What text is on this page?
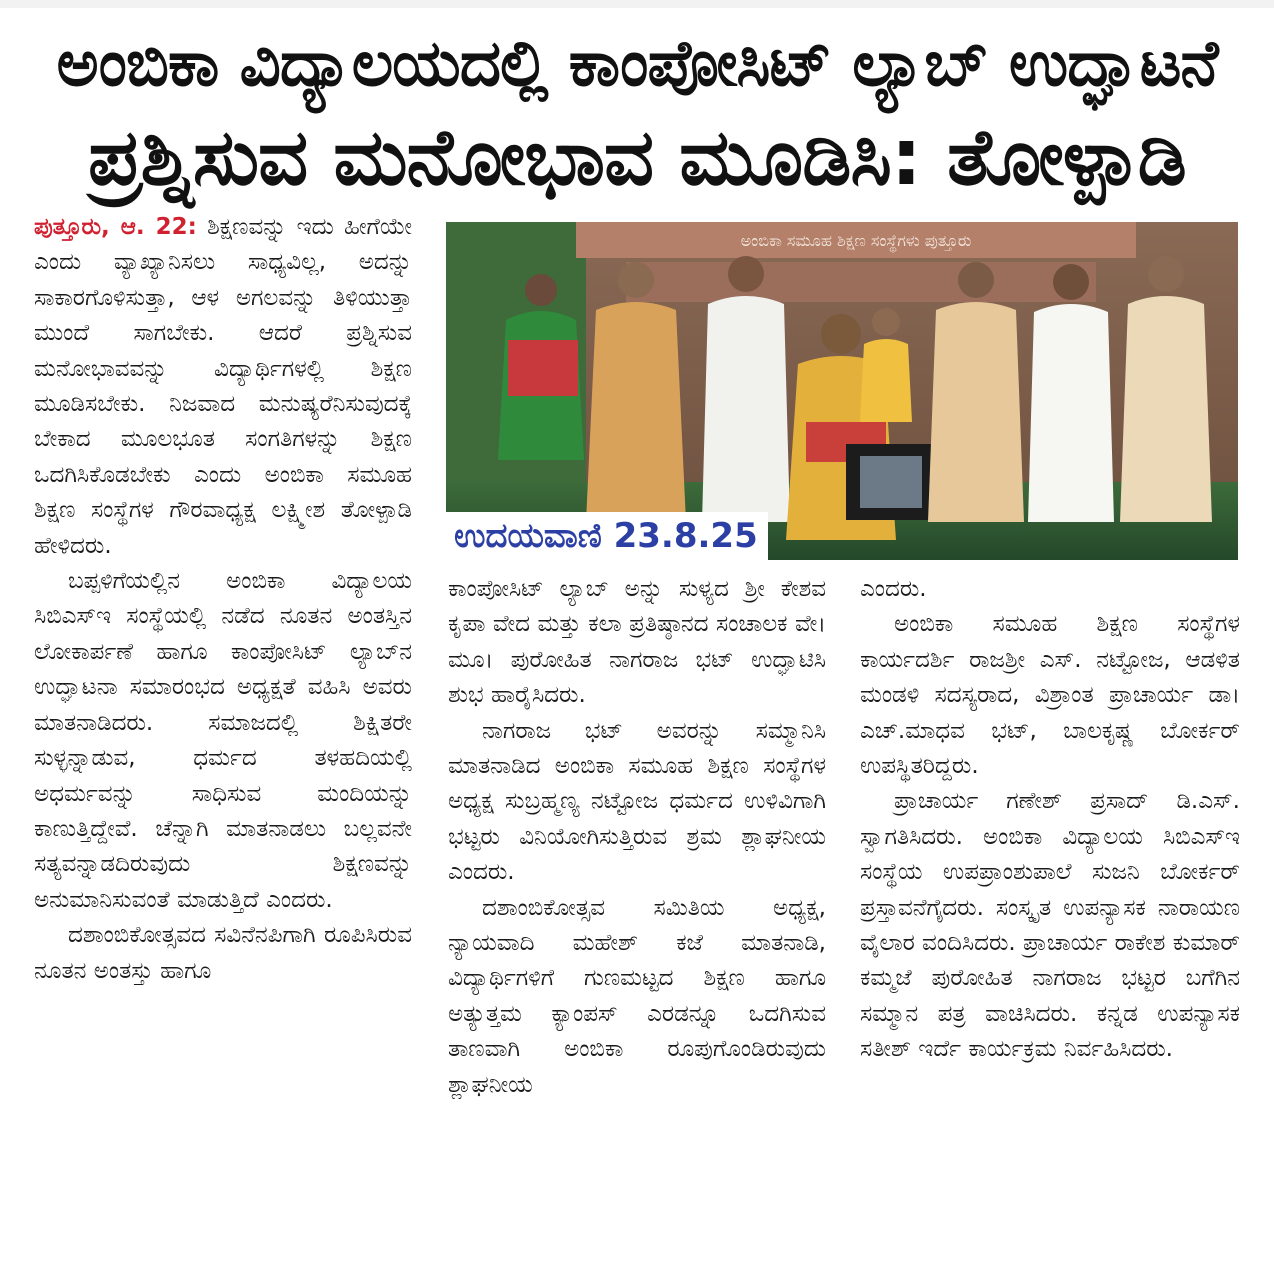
ಅಂಬಿಕಾ ವಿದ್ಯಾಲಯದಲ್ಲಿ ಕಾಂಪೋಸಿಟ್ ಲ್ಯಾಬ್ ಉದ್ಘಾಟನೆ
ಪ್ರಶ್ನಿಸುವ ಮನೋಭಾವ ಮೂಡಿಸಿ: ತೋಳ್ಪಾಡಿ

ಪುತ್ತೂರು, ಆ. 22: ಶಿಕ್ಷಣವನ್ನು ಇದು ಹೀಗೆಯೇ ಎಂದು ವ್ಯಾಖ್ಯಾನಿಸಲು ಸಾಧ್ಯವಿಲ್ಲ, ಅದನ್ನು ಸಾಕಾರಗೊಳಿಸುತ್ತಾ, ಆಳ ಅಗಲವನ್ನು ತಿಳಿಯುತ್ತಾ ಮುಂದೆ ಸಾಗಬೇಕು. ಆದರೆ ಪ್ರಶ್ನಿಸುವ ಮನೋಭಾವವನ್ನು ವಿದ್ಯಾರ್ಥಿಗಳಲ್ಲಿ ಶಿಕ್ಷಣ ಮೂಡಿಸಬೇಕು. ನಿಜವಾದ ಮನುಷ್ಯರೆನಿಸುವುದಕ್ಕೆ ಬೇಕಾದ ಮೂಲಭೂತ ಸಂಗತಿಗಳನ್ನು ಶಿಕ್ಷಣ ಒದಗಿಸಿಕೊಡಬೇಕು ಎಂದು ಅಂಬಿಕಾ ಸಮೂಹ ಶಿಕ್ಷಣ ಸಂಸ್ಥೆಗಳ ಗೌರವಾಧ್ಯಕ್ಷ ಲಕ್ಷ್ಮೀಶ ತೋಳ್ಪಾಡಿ ಹೇಳಿದರು.

ಬಪ್ಪಳಿಗೆಯಲ್ಲಿನ ಅಂಬಿಕಾ ವಿದ್ಯಾಲಯ ಸಿಬಿಎಸ್‌ಇ ಸಂಸ್ಥೆಯಲ್ಲಿ ನಡೆದ ನೂತನ ಅಂತಸ್ತಿನ ಲೋಕಾರ್ಪಣೆ ಹಾಗೂ ಕಾಂಪೋಸಿಟ್ ಲ್ಯಾಬ್‌ನ ಉದ್ಘಾಟನಾ ಸಮಾರಂಭದ ಅಧ್ಯಕ್ಷತೆ ವಹಿಸಿ ಅವರು ಮಾತನಾಡಿದರು. ಸಮಾಜದಲ್ಲಿ ಶಿಕ್ಷಿತರೇ ಸುಳ್ಳನ್ನಾಡುವ, ಧರ್ಮದ ತಳಹದಿಯಲ್ಲಿ ಅಧರ್ಮವನ್ನು ಸಾಧಿಸುವ ಮಂದಿಯನ್ನು ಕಾಣುತ್ತಿದ್ದೇವೆ. ಚೆನ್ನಾಗಿ ಮಾತನಾಡಲು ಬಲ್ಲವನೇ ಸತ್ಯವನ್ನಾಡದಿರುವುದು ಶಿಕ್ಷಣವನ್ನು ಅನುಮಾನಿಸುವಂತೆ ಮಾಡುತ್ತಿದೆ ಎಂದರು.

ದಶಾಂಬಿಕೋತ್ಸವದ ಸವಿನೆನಪಿಗಾಗಿ ರೂಪಿಸಿರುವ ನೂತನ ಅಂತಸ್ತು ಹಾಗೂ

ಅಂಬಿಕಾ ಸಮೂಹ ಶಿಕ್ಷಣ ಸಂಸ್ಥೆಗಳು ಪುತ್ತೂರು
ಉದಯವಾಣಿ 23.8.25

ಕಾಂಪೋಸಿಟ್ ಲ್ಯಾಬ್ ಅನ್ನು ಸುಳ್ಯದ ಶ್ರೀ ಕೇಶವ ಕೃಪಾ ವೇದ ಮತ್ತು ಕಲಾ ಪ್ರತಿಷ್ಠಾನದ ಸಂಚಾಲಕ ವೇ। ಮೂ। ಪುರೋಹಿತ ನಾಗರಾಜ ಭಟ್ ಉದ್ಘಾಟಿಸಿ ಶುಭ ಹಾರೈಸಿದರು.

ನಾಗರಾಜ ಭಟ್ ಅವರನ್ನು ಸಮ್ಮಾನಿಸಿ ಮಾತನಾಡಿದ ಅಂಬಿಕಾ ಸಮೂಹ ಶಿಕ್ಷಣ ಸಂಸ್ಥೆಗಳ ಅಧ್ಯಕ್ಷ ಸುಬ್ರಹ್ಮಣ್ಯ ನಟ್ಟೋಜ ಧರ್ಮದ ಉಳಿವಿಗಾಗಿ ಭಟ್ಟರು ವಿನಿಯೋಗಿಸುತ್ತಿರುವ ಶ್ರಮ ಶ್ಲಾಘನೀಯ ಎಂದರು.

ದಶಾಂಬಿಕೋತ್ಸವ ಸಮಿತಿಯ ಅಧ್ಯಕ್ಷ, ನ್ಯಾಯವಾದಿ ಮಹೇಶ್ ಕಜೆ ಮಾತನಾಡಿ, ವಿದ್ಯಾರ್ಥಿಗಳಿಗೆ ಗುಣಮಟ್ಟದ ಶಿಕ್ಷಣ ಹಾಗೂ ಅತ್ಯುತ್ತಮ ಕ್ಯಾಂಪಸ್ ಎರಡನ್ನೂ ಒದಗಿಸುವ ತಾಣವಾಗಿ ಅಂಬಿಕಾ ರೂಪುಗೊಂಡಿರುವುದು ಶ್ಲಾಘನೀಯ

ಎಂದರು.

ಅಂಬಿಕಾ ಸಮೂಹ ಶಿಕ್ಷಣ ಸಂಸ್ಥೆಗಳ ಕಾರ್ಯದರ್ಶಿ ರಾಜಶ್ರೀ ಎಸ್. ನಟ್ಟೋಜ, ಆಡಳಿತ ಮಂಡಳಿ ಸದಸ್ಯರಾದ, ವಿಶ್ರಾಂತ ಪ್ರಾಚಾರ್ಯ ಡಾ।ಎಚ್.ಮಾಧವ ಭಟ್, ಬಾಲಕೃಷ್ಣ ಬೋರ್ಕರ್ ಉಪಸ್ಥಿತರಿದ್ದರು.

ಪ್ರಾಚಾರ್ಯ ಗಣೇಶ್ ಪ್ರಸಾದ್ ಡಿ.ಎಸ್. ಸ್ವಾಗತಿಸಿದರು. ಅಂಬಿಕಾ ವಿದ್ಯಾಲಯ ಸಿಬಿಎಸ್‌ಇ ಸಂಸ್ಥೆಯ ಉಪಪ್ರಾಂಶುಪಾಲೆ ಸುಜನಿ ಬೋರ್ಕರ್ ಪ್ರಸ್ತಾವನೆಗೈದರು. ಸಂಸ್ಕೃತ ಉಪನ್ಯಾಸಕ ನಾರಾಯಣ ವೈಲಾರ ವಂದಿಸಿದರು. ಪ್ರಾಚಾರ್ಯ ರಾಕೇಶ ಕುಮಾರ್ ಕಮ್ಮಜೆ ಪುರೋಹಿತ ನಾಗರಾಜ ಭಟ್ಟರ ಬಗೆಗಿನ ಸಮ್ಮಾನ ಪತ್ರ ವಾಚಿಸಿದರು. ಕನ್ನಡ ಉಪನ್ಯಾಸಕ ಸತೀಶ್ ಇರ್ದೆ ಕಾರ್ಯಕ್ರಮ ನಿರ್ವಹಿಸಿದರು.
